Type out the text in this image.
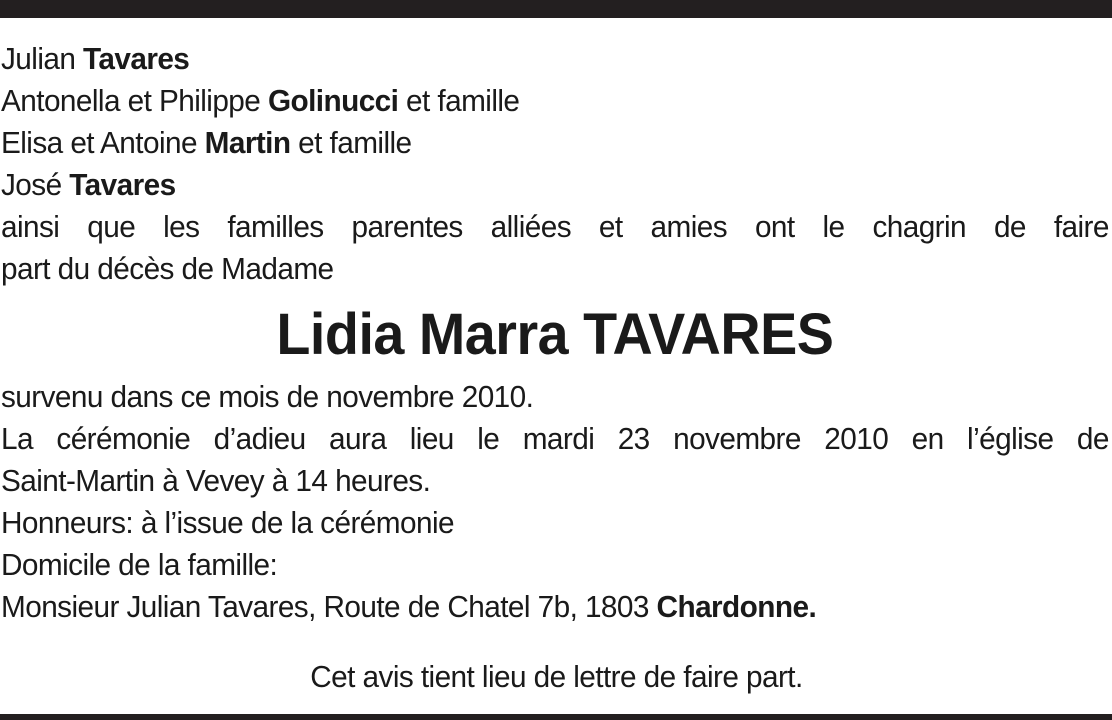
Julian Tavares
Antonella et Philippe Golinucci et famille
Elisa et Antoine Martin et famille
José Tavares
ainsi que les familles parentes alliées et amies ont le chagrin de faire
part du décès de Madame
Lidia Marra TAVARES
survenu dans ce mois de novembre 2010.
La cérémonie d’adieu aura lieu le mardi 23 novembre 2010 en l’église de
Saint-Martin à Vevey à 14 heures.
Honneurs: à l’issue de la cérémonie
Domicile de la famille:
Monsieur Julian Tavares, Route de Chatel 7b, 1803 Chardonne.
Cet avis tient lieu de lettre de faire part.
